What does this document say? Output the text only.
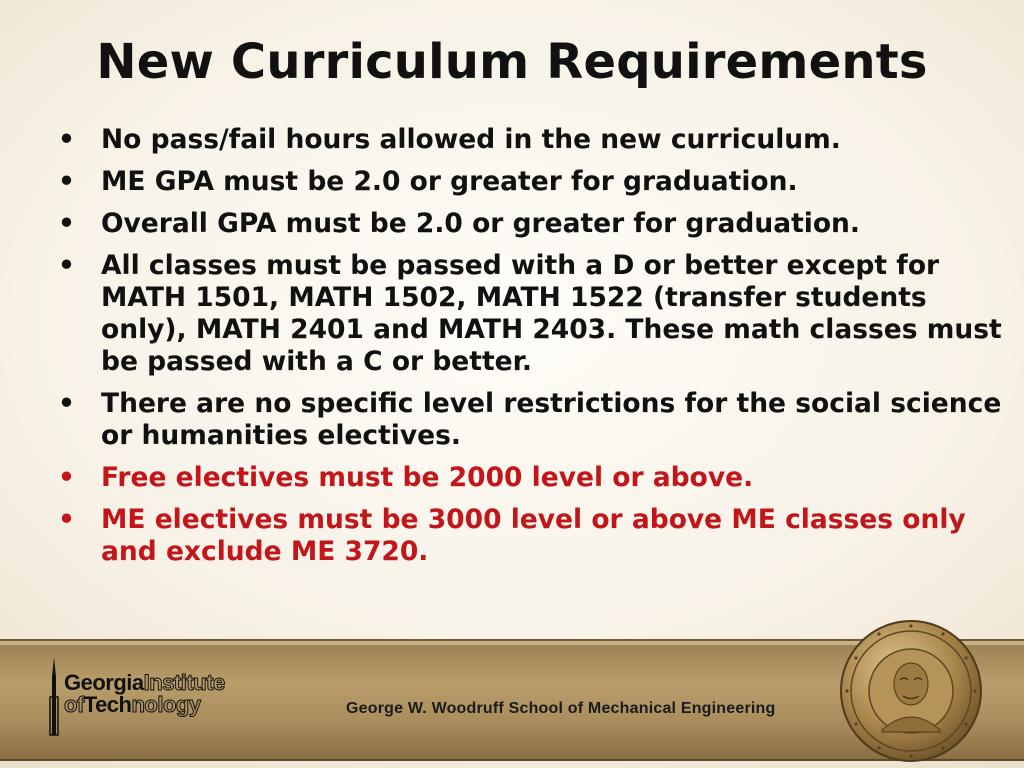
New Curriculum Requirements
• No pass/fail hours allowed in the new curriculum.
• ME GPA must be 2.0 or greater for graduation.
• Overall GPA must be 2.0 or greater for graduation.
• All classes must be passed with a D or better except for MATH 1501, MATH 1502, MATH 1522 (transfer students only), MATH 2401 and MATH 2403. These math classes must be passed with a C or better.
• There are no specific level restrictions for the social science or humanities electives.
• Free electives must be 2000 level or above.
• ME electives must be 3000 level or above ME classes only and exclude ME 3720.
GeorgiaInstitute
ofTechnology	George W. Woodruff School of Mechanical Engineering
